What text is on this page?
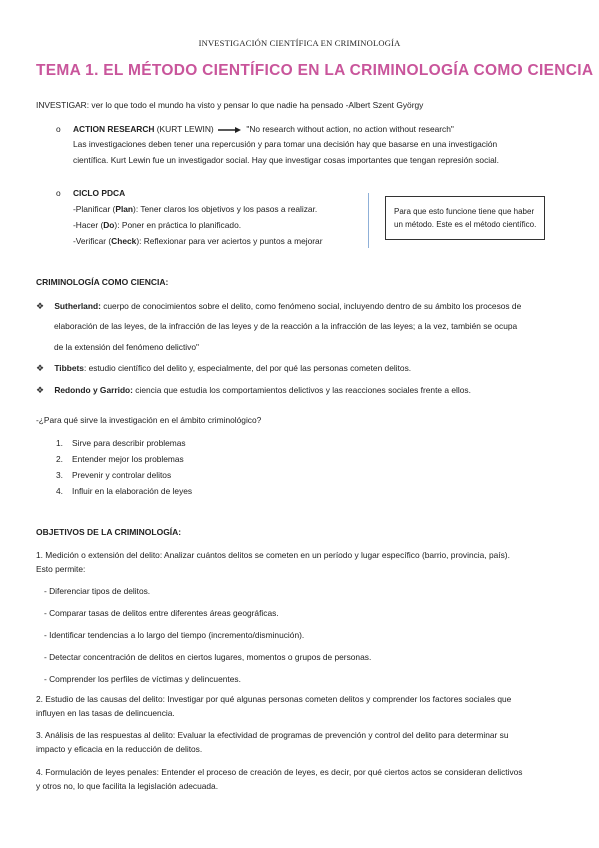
INVESTIGACIÓN CIENTÍFICA EN CRIMINOLOGÍA
TEMA 1. EL MÉTODO CIENTÍFICO EN LA CRIMINOLOGÍA COMO CIENCIA
INVESTIGAR: ver lo que todo el mundo ha visto y pensar lo que nadie ha pensado -Albert Szent György
o ACTION RESEARCH (KURT LEWIN)	"No research without action, no action without research"
Las investigaciones deben tener una repercusión y para tomar una decisión hay que basarse en una investigación
científica. Kurt Lewin fue un investigador social. Hay que investigar cosas importantes que tengan represión social.
o CICLO PDCA
-Planificar (Plan): Tener claros los objetivos y los pasos a realizar.
-Hacer (Do): Poner en práctica lo planificado.
-Verificar (Check): Reflexionar para ver aciertos y puntos a mejorar
Para que esto funcione tiene que haber
un método. Este es el método científico.
CRIMINOLOGÍA COMO CIENCIA:
❖ Sutherland: cuerpo de conocimientos sobre el delito, como fenómeno social, incluyendo dentro de su ámbito los procesos de
elaboración de las leyes, de la infracción de las leyes y de la reacción a la infracción de las leyes; a la vez, también se ocupa
de la extensión del fenómeno delictivo"
❖ Tibbets: estudio científico del delito y, especialmente, del por qué las personas cometen delitos.
❖ Redondo y Garrido: ciencia que estudia los comportamientos delictivos y las reacciones sociales frente a ellos.
-¿Para qué sirve la investigación en el ámbito criminológico?
1. Sirve para describir problemas
2. Entender mejor los problemas
3. Prevenir y controlar delitos
4. Influir en la elaboración de leyes
OBJETIVOS DE LA CRIMINOLOGÍA:
1. Medición o extensión del delito: Analizar cuántos delitos se cometen en un período y lugar específico (barrio, provincia, país).
Esto permite:
- Diferenciar tipos de delitos.
- Comparar tasas de delitos entre diferentes áreas geográficas.
- Identificar tendencias a lo largo del tiempo (incremento/disminución).
- Detectar concentración de delitos en ciertos lugares, momentos o grupos de personas.
- Comprender los perfiles de víctimas y delincuentes.
2. Estudio de las causas del delito: Investigar por qué algunas personas cometen delitos y comprender los factores sociales que
influyen en las tasas de delincuencia.
3. Análisis de las respuestas al delito: Evaluar la efectividad de programas de prevención y control del delito para determinar su
impacto y eficacia en la reducción de delitos.
4. Formulación de leyes penales: Entender el proceso de creación de leyes, es decir, por qué ciertos actos se consideran delictivos
y otros no, lo que facilita la legislación adecuada.
